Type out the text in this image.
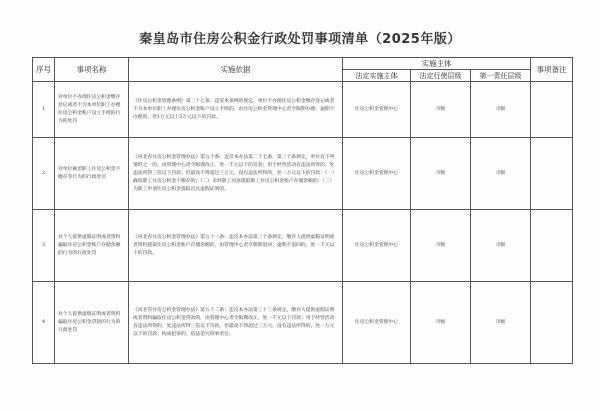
秦皇岛市住房公积金行政处罚事项清单（2025年版）
序号	事项名称	实施依据	实施主体			事项备注
			法定实施主体	法定行使层级	第一责任层级	
1	对单位不办理住房公积金缴存登记或者不为本单位职工办理住房公积金账户设立手续的行为的处罚	《住房公积金管理条例》第三十七条：违反本条例的规定，单位不办理住房公积金缴存登记或者不为本单位职工办理住房公积金账户设立手续的，由住房公积金管理中心责令限期办理；逾期不办理的，处1万元以上5万元以下的罚款。	住房公积金管理中心	市级	市级	
2	对单位截留职工住房公积金不缴存等行为的行政处罚	《河北省住房公积金管理办法》第五十条：违反本办法第二十七条、第三十条规定，单位有下列情形之一的，由管理中心责令限期改正，处一千元以下的罚款；用于经营活动有违法所得的，处违法所得三倍以下罚款，但最高不得超过三万元，没有违法所得的，处一万元以下的罚款：（一）截留职工住房公积金不缴存的；（二）未经职工同意提取职工住房公积金账户存储余额的；（三）为职工申请住房公积金提取出具虚假证明的。	住房公积金管理中心	市级	市级	
3	对个人提供虚假证明或者资料骗取住房公积金账户存储余额的行为的行政处罚	《河北省住房公积金管理办法》第五十一条：违反本办法第三十条规定，缴存人提供虚假证明或者资料提取住房公积金账户存储余额的，由管理中心责令限期退回；逾期不退回的，处一千元以下的罚款。	住房公积金管理中心	市级	市级	
4	对个人提供虚假证明或者资料骗取住房公积金贷款的行为的行政处罚	《河北省住房公积金管理办法》第五十二条：违反本办法第三十三条规定，缴存人提供虚假证明或者资料骗取住房公积金贷款的，由管理中心责令限期改正，处一千元以下罚款；用于经营活动有违法所得的，处违法所得三倍以下罚款，但最高不得超过三万元，没有违法所得的，处一万元以下的罚款；构成犯罪的，依法追究刑事责任。	住房公积金管理中心	市级	市级	
